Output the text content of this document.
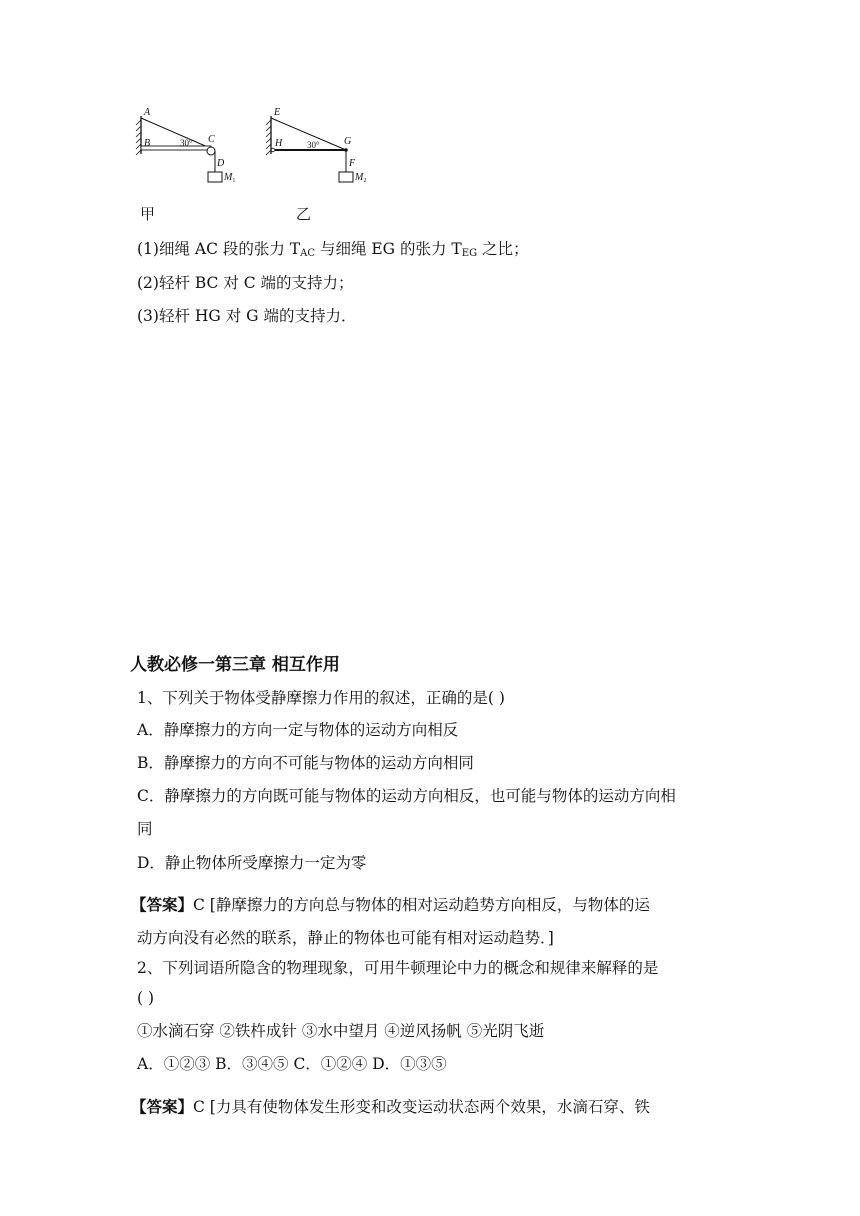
A
B	C
D
30°
$M_1$
E
H	G
F
30°
$M_2$
甲	乙
(1)细绳 AC 段的张力 $T_{AC}$ 与细绳 EG 的张力 $T_{EG}$ 之比；
(2)轻杆 BC 对 C 端的支持力；
(3)轻杆 HG 对 G 端的支持力．
人教必修一第三章 相互作用
1、下列关于物体受静摩擦力作用的叙述，正确的是( )
A．静摩擦力的方向一定与物体的运动方向相反
B．静摩擦力的方向不可能与物体的运动方向相同
C．静摩擦力的方向既可能与物体的运动方向相反，也可能与物体的运动方向相
同
D．静止物体所受摩擦力一定为零
【答案】C [静摩擦力的方向总与物体的相对运动趋势方向相反，与物体的运
动方向没有必然的联系，静止的物体也可能有相对运动趋势．]
2、下列词语所隐含的物理现象，可用牛顿理论中力的概念和规律来解释的是
( )
①水滴石穿 ②铁杵成针 ③水中望月 ④逆风扬帆 ⑤光阴飞逝
A．①②③ B．③④⑤ C．①②④ D．①③⑤
【答案】C [力具有使物体发生形变和改变运动状态两个效果，水滴石穿、铁
